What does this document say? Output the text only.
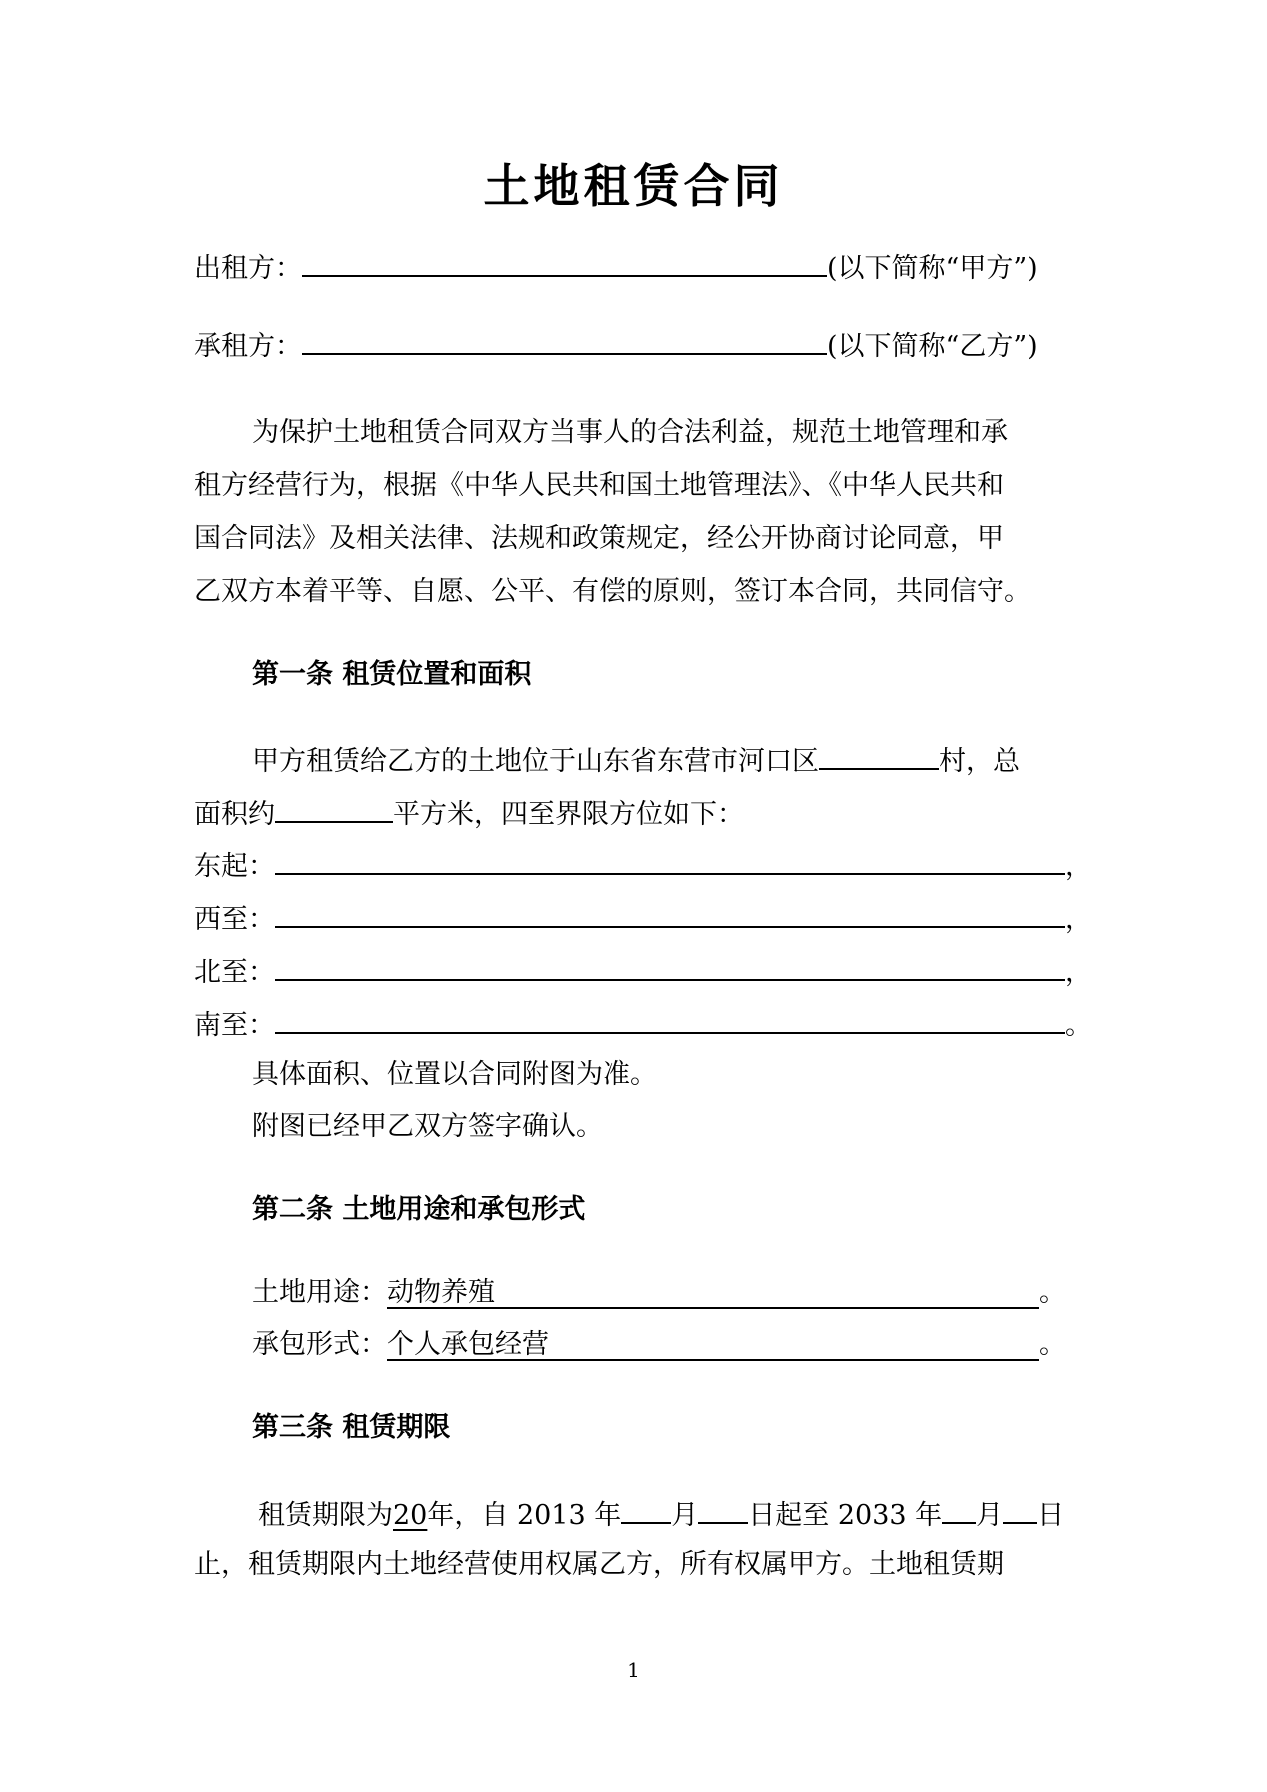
土地租赁合同
出租方：	(以下简称“甲方”)
承租方：	(以下简称“乙方”)
为保护土地租赁合同双方当事人的合法利益，规范土地管理和承
租方经营行为，根据《中华人民共和国土地管理法》、《中华人民共和
国合同法》及相关法律、法规和政策规定，经公开协商讨论同意，甲
乙双方本着平等、自愿、公平、有偿的原则，签订本合同，共同信守。
第一条 租赁位置和面积
甲方租赁给乙方的土地位于山东省东营市河口区	村，总
面积约	平方米，四至界限方位如下：
东起：	，
西至：	，
北至：	，
南至：	。
具体面积、位置以合同附图为准。
附图已经甲乙双方签字确认。
第二条 土地用途和承包形式
土地用途：动物养殖	。
承包形式：个人承包经营	。
第三条 租赁期限
租赁期限为20年，自 2013 年 月 日起至 2033 年 月 日
止，租赁期限内土地经营使用权属乙方，所有权属甲方。土地租赁期
1
